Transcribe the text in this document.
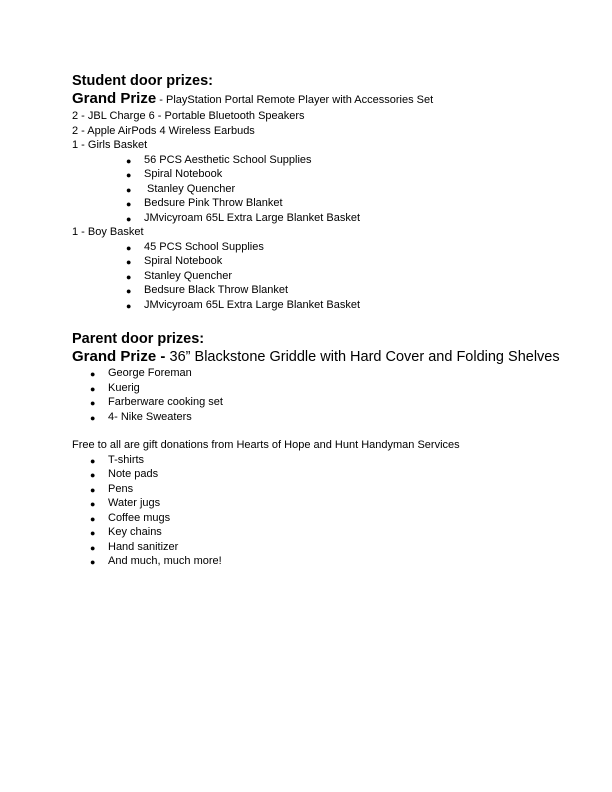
Student door prizes:

Grand Prize - PlayStation Portal Remote Player with Accessories Set

2 - JBL Charge 6 - Portable Bluetooth Speakers

2 - Apple AirPods 4 Wireless Earbuds

1 - Girls Basket

● 56 PCS Aesthetic School Supplies
● Spiral Notebook
● Stanley Quencher
● Bedsure Pink Throw Blanket
● JMvicyroam 65L Extra Large Blanket Basket

1 - Boy Basket

● 45 PCS School Supplies
● Spiral Notebook
● Stanley Quencher
● Bedsure Black Throw Blanket
● JMvicyroam 65L Extra Large Blanket Basket

Parent door prizes:

Grand Prize - 36” Blackstone Griddle with Hard Cover and Folding Shelves

● George Foreman
● Kuerig
● Farberware cooking set
● 4- Nike Sweaters

Free to all are gift donations from Hearts of Hope and Hunt Handyman Services

● T-shirts
● Note pads
● Pens
● Water jugs
● Coffee mugs
● Key chains
● Hand sanitizer
● And much, much more!
